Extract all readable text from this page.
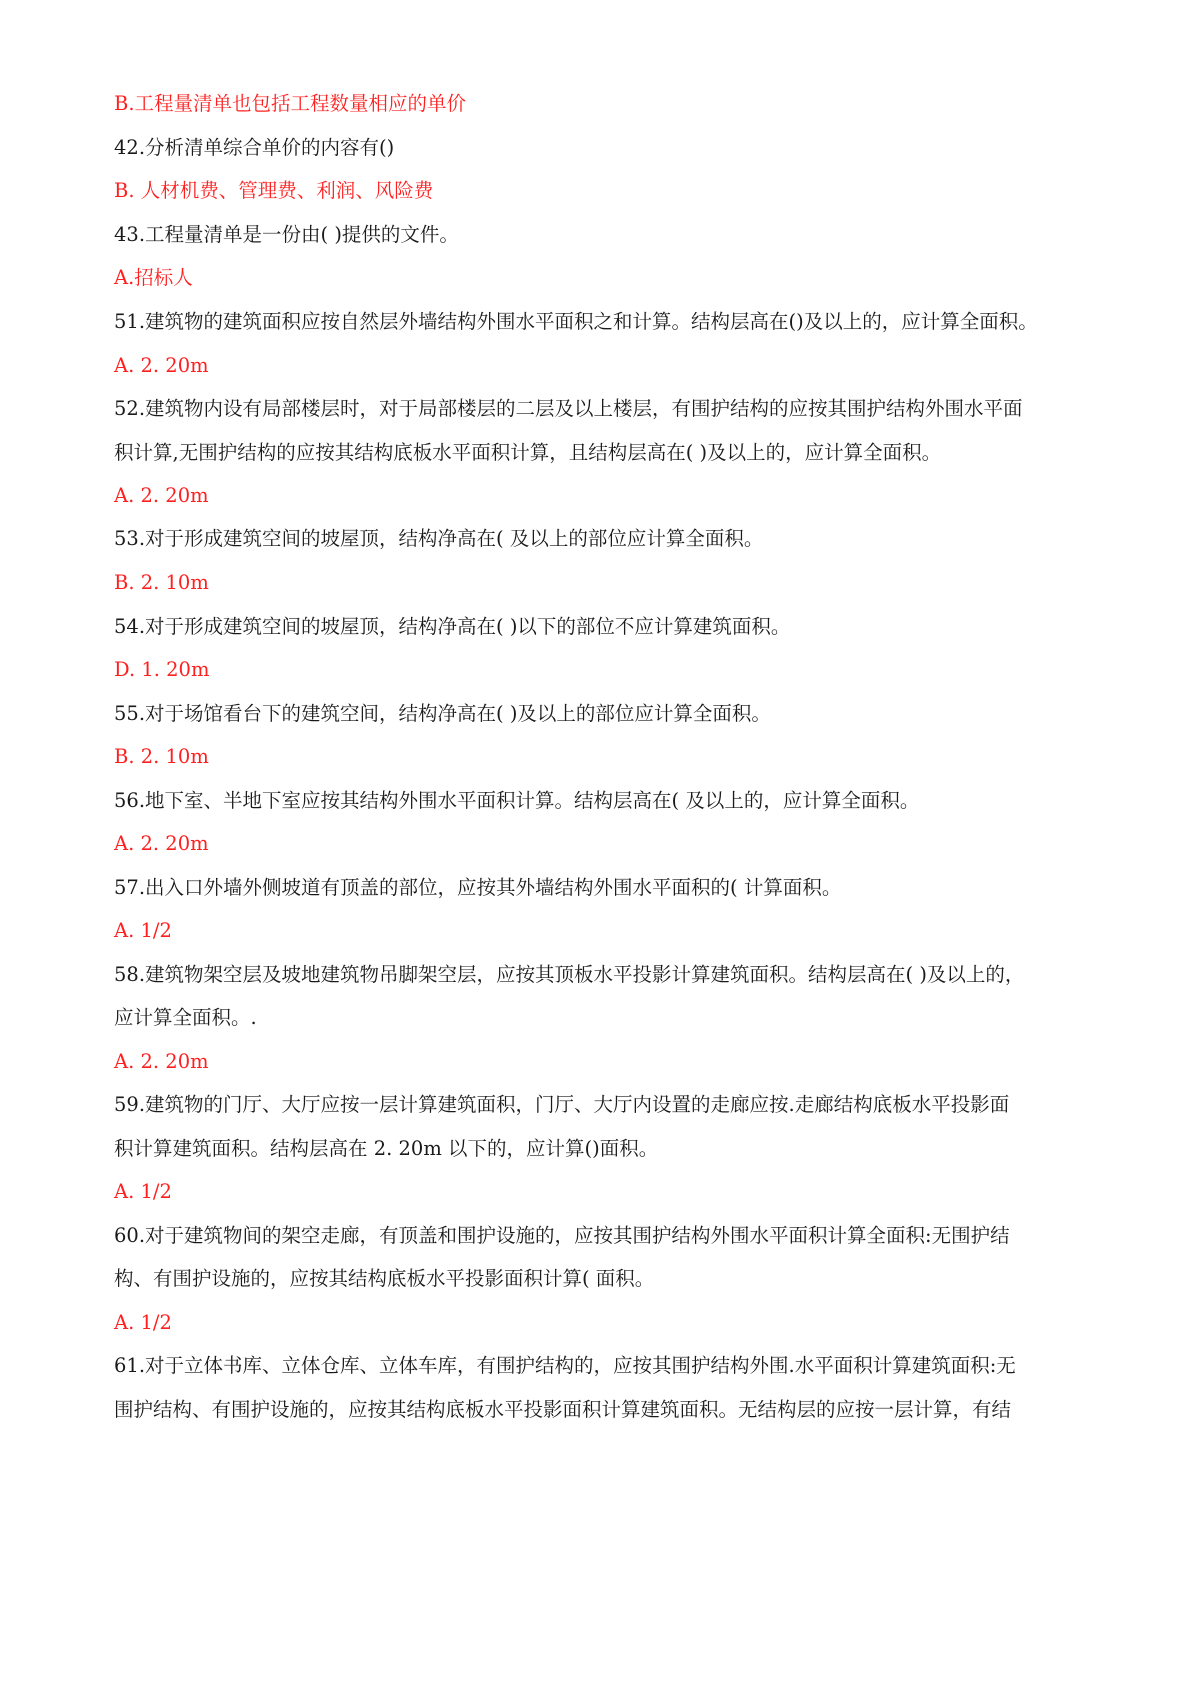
B.工程量清单也包括工程数量相应的单价
42.分析清单综合单价的内容有()
B. 人材机费、管理费、利润、风险费
43.工程量清单是一份由( )提供的文件。
A.招标人
51.建筑物的建筑面积应按自然层外墙结构外围水平面积之和计算。结构层高在()及以上的，应计算全面积。
A. 2. 20m
52.建筑物内设有局部楼层时，对于局部楼层的二层及以上楼层，有围护结构的应按其围护结构外围水平面
积计算,无围护结构的应按其结构底板水平面积计算，且结构层高在( )及以上的，应计算全面积。
A. 2. 20m
53.对于形成建筑空间的坡屋顶，结构净高在( 及以上的部位应计算全面积。
B. 2. 10m
54.对于形成建筑空间的坡屋顶，结构净高在( )以下的部位不应计算建筑面积。
D. 1. 20m
55.对于场馆看台下的建筑空间，结构净高在( )及以上的部位应计算全面积。
B. 2. 10m
56.地下室、半地下室应按其结构外围水平面积计算。结构层高在( 及以上的，应计算全面积。
A. 2. 20m
57.出入口外墙外侧坡道有顶盖的部位，应按其外墙结构外围水平面积的( 计算面积。
A. 1/2
58.建筑物架空层及坡地建筑物吊脚架空层，应按其顶板水平投影计算建筑面积。结构层高在( )及以上的，
应计算全面积。.
A. 2. 20m
59.建筑物的门厅、大厅应按一层计算建筑面积，门厅、大厅内设置的走廊应按.走廊结构底板水平投影面
积计算建筑面积。结构层高在 2. 20m 以下的，应计算()面积。
A. 1/2
60.对于建筑物间的架空走廊，有顶盖和围护设施的，应按其围护结构外围水平面积计算全面积:无围护结
构、有围护设施的，应按其结构底板水平投影面积计算( 面积。
A. 1/2
61.对于立体书库、立体仓库、立体车库，有围护结构的，应按其围护结构外围.水平面积计算建筑面积:无
围护结构、有围护设施的，应按其结构底板水平投影面积计算建筑面积。无结构层的应按一层计算，有结
